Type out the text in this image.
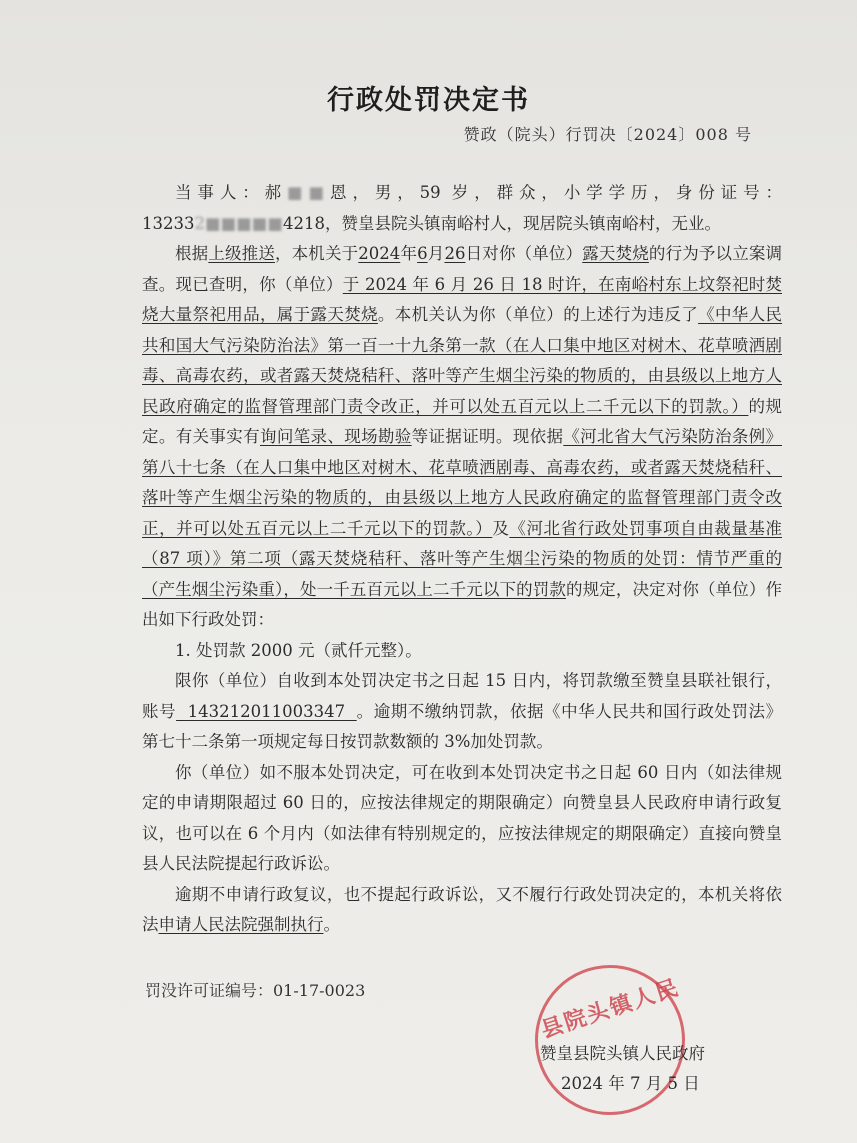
行政处罚决定书
赞政（院头）行罚决〔2024〕008 号

当事人：郝■■恩，男，59 岁，群众，小学学历，身份证号：132332■■■■■4218，赞皇县院头镇南峪村人，现居院头镇南峪村，无业。

根据上级推送，本机关于2024年6月26日对你（单位）露天焚烧的行为予以立案调查。现已查明，你（单位）于 2024 年 6 月 26 日 18 时许，在南峪村东上坟祭祀时焚烧大量祭祀用品，属于露天焚烧。本机关认为你（单位）的上述行为违反了《中华人民共和国大气污染防治法》第一百一十九条第一款（在人口集中地区对树木、花草喷洒剧毒、高毒农药，或者露天焚烧秸秆、落叶等产生烟尘污染的物质的，由县级以上地方人民政府确定的监督管理部门责令改正，并可以处五百元以上二千元以下的罚款。）的规定。有关事实有询问笔录、现场勘验等证据证明。现依据《河北省大气污染防治条例》第八十七条（在人口集中地区对树木、花草喷洒剧毒、高毒农药，或者露天焚烧秸秆、落叶等产生烟尘污染的物质的，由县级以上地方人民政府确定的监督管理部门责令改正，并可以处五百元以上二千元以下的罚款。）及《河北省行政处罚事项自由裁量基准（87 项）》第二项（露天焚烧秸秆、落叶等产生烟尘污染的物质的处罚：情节严重的（产生烟尘污染重），处一千五百元以上二千元以下的罚款的规定，决定对你（单位）作出如下行政处罚：

1. 处罚款 2000 元（贰仟元整）。

限你（单位）自收到本处罚决定书之日起 15 日内，将罚款缴至赞皇县联社银行，账号  143212011003347  。逾期不缴纳罚款，依据《中华人民共和国行政处罚法》第七十二条第一项规定每日按罚款数额的 3%加处罚款。

你（单位）如不服本处罚决定，可在收到本处罚决定书之日起 60 日内（如法律规定的申请期限超过 60 日的，应按法律规定的期限确定）向赞皇县人民政府申请行政复议，也可以在 6 个月内（如法律有特别规定的，应按法律规定的期限确定）直接向赞皇县人民法院提起行政诉讼。

逾期不申请行政复议，也不提起行政诉讼，又不履行行政处罚决定的，本机关将依法申请人民法院强制执行。

罚没许可证编号：01-17-0023	县院头镇人民
赞皇县院头镇人民政府
2024 年 7 月 5 日
